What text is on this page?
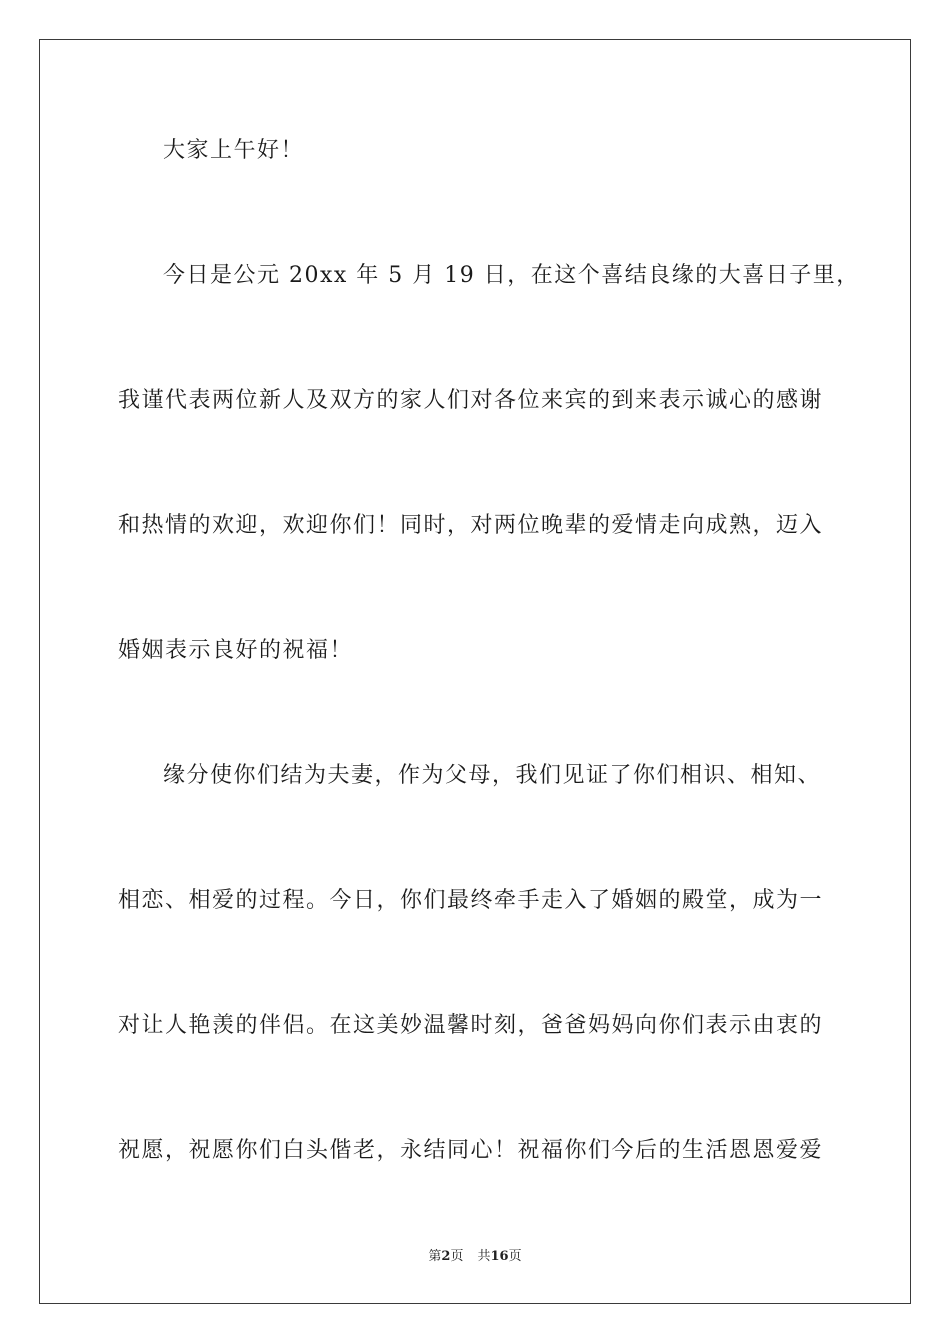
大家上午好！
今日是公元 20xx 年 5 月 19 日，在这个喜结良缘的大喜日子里，
我谨代表两位新人及双方的家人们对各位来宾的到来表示诚心的感谢
和热情的欢迎，欢迎你们！同时，对两位晚辈的爱情走向成熟，迈入
婚姻表示良好的祝福！
缘分使你们结为夫妻，作为父母，我们见证了你们相识、相知、
相恋、相爱的过程。今日，你们最终牵手走入了婚姻的殿堂，成为一
对让人艳羡的伴侣。在这美妙温馨时刻，爸爸妈妈向你们表示由衷的
祝愿，祝愿你们白头偕老，永结同心！祝福你们今后的生活恩恩爱爱
第2页 共16页
